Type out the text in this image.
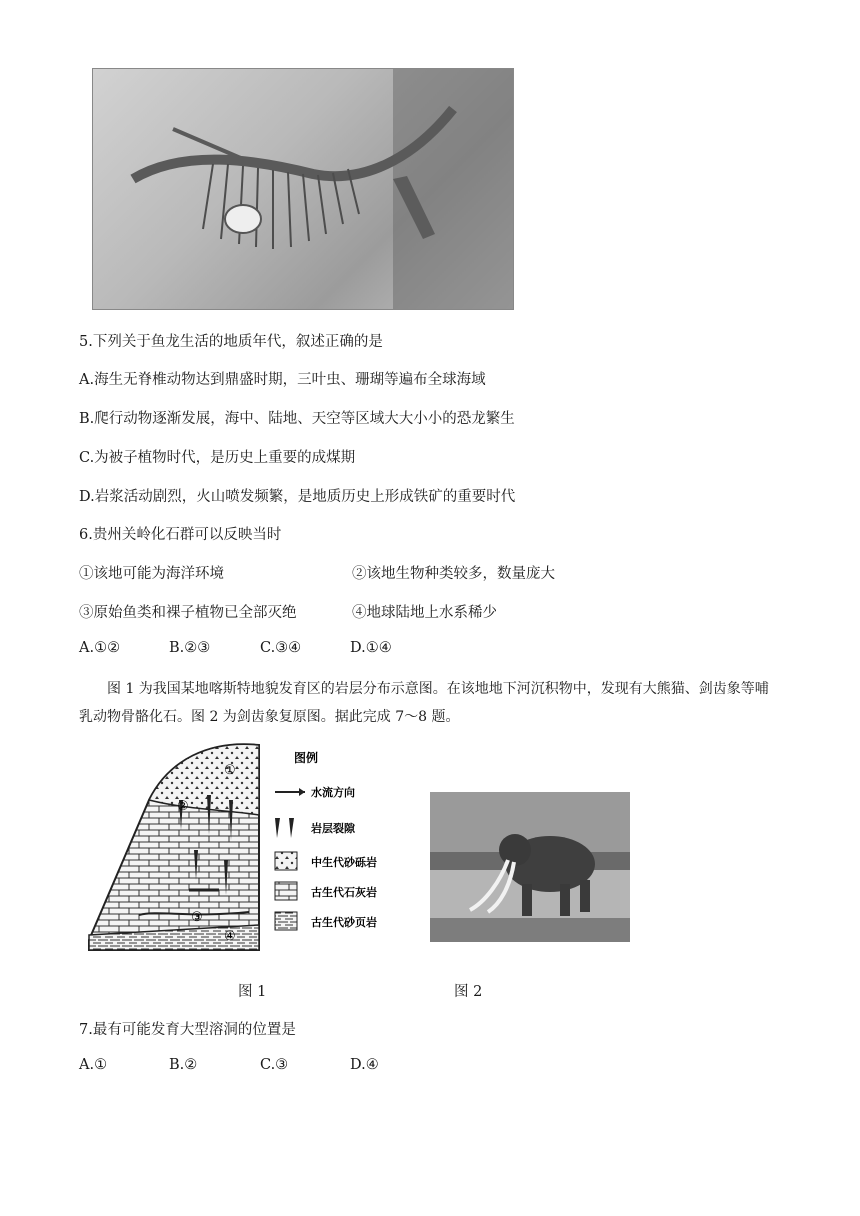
5.下列关于鱼龙生活的地质年代，叙述正确的是
A.海生无脊椎动物达到鼎盛时期，三叶虫、珊瑚等遍布全球海域
B.爬行动物逐渐发展，海中、陆地、天空等区域大大小小的恐龙繁生
C.为被子植物时代，是历史上重要的成煤期
D.岩浆活动剧烈，火山喷发频繁，是地质历史上形成铁矿的重要时代
6.贵州关岭化石群可以反映当时
①该地可能为海洋环境	②该地生物种类较多，数量庞大
③原始鱼类和裸子植物已全部灭绝	④地球陆地上水系稀少
A.①②	B.②③	C.③④	D.①④
图 1 为我国某地喀斯特地貌发育区的岩层分布示意图。在该地地下河沉积物中，发现有大熊猫、剑齿象等哺乳动物骨骼化石。图 2 为剑齿象复原图。据此完成 7～8 题。
①
②
③
④
图例
水流方向
岩层裂隙
中生代砂砾岩
古生代石灰岩
古生代砂页岩
图 1	图 2
7.最有可能发育大型溶洞的位置是
A.①	B.②	C.③	D.④
